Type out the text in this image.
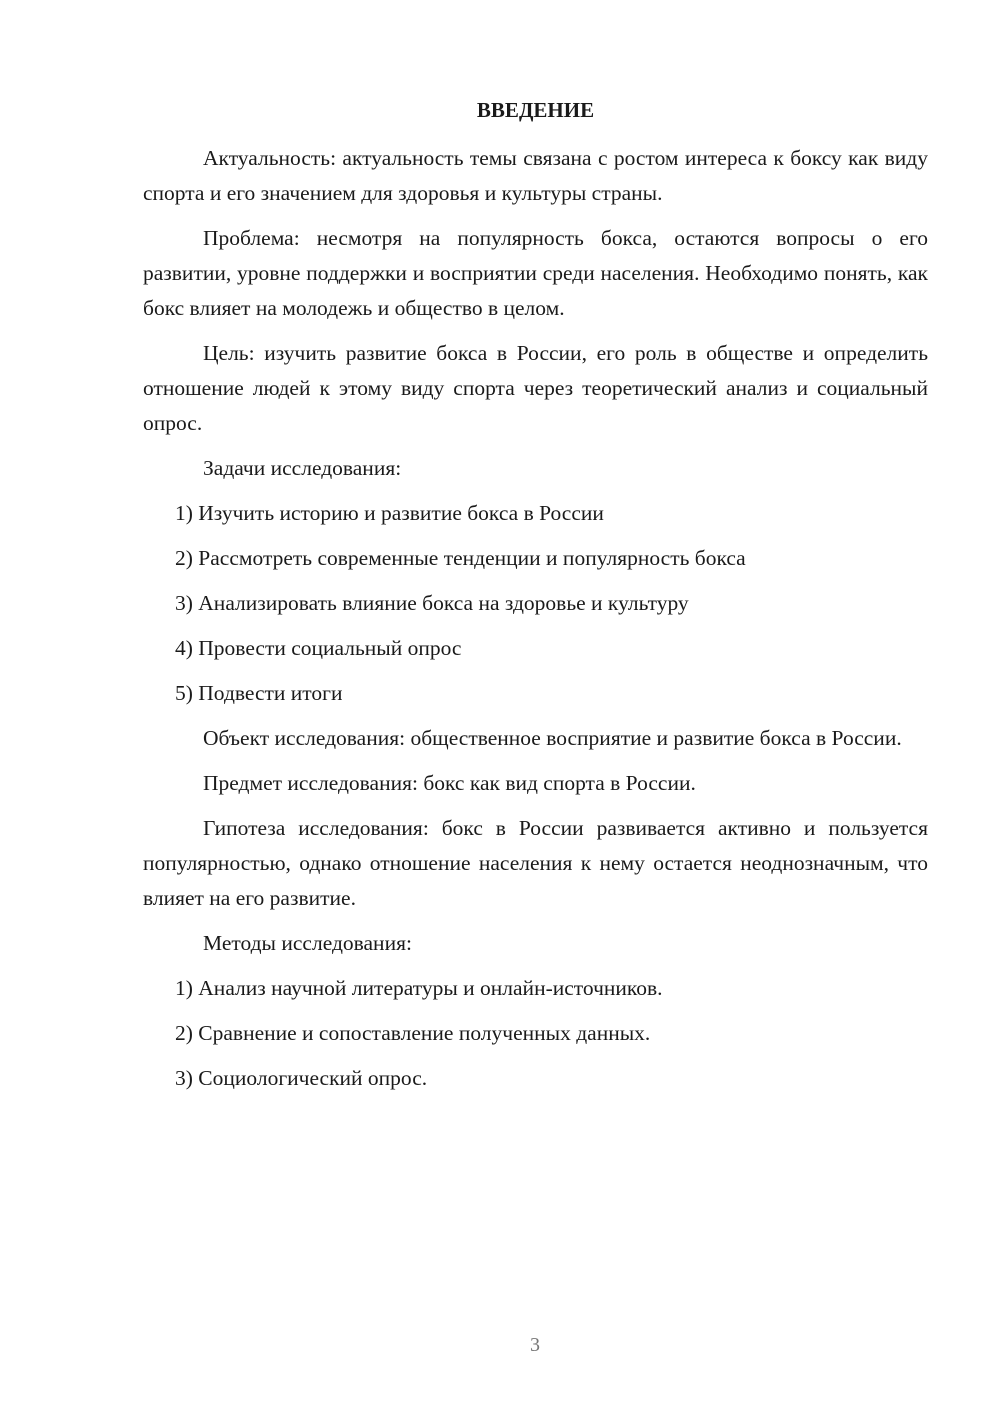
ВВЕДЕНИЕ
Актуальность: актуальность темы связана с ростом интереса к боксу как виду спорта и его значением для здоровья и культуры страны.
Проблема: несмотря на популярность бокса, остаются вопросы о его развитии, уровне поддержки и восприятии среди населения. Необходимо понять, как бокс влияет на молодежь и общество в целом.
Цель: изучить развитие бокса в России, его роль в обществе и определить отношение людей к этому виду спорта через теоретический анализ и социальный опрос.
Задачи исследования:
1) Изучить историю и развитие бокса в России
2) Рассмотреть современные тенденции и популярность бокса
3) Анализировать влияние бокса на здоровье и культуру
4) Провести социальный опрос
5) Подвести итоги
Объект исследования: общественное восприятие и развитие бокса в России.
Предмет исследования: бокс как вид спорта в России.
Гипотеза исследования: бокс в России развивается активно и пользуется популярностью, однако отношение населения к нему остается неоднозначным, что влияет на его развитие.
Методы исследования:
1) Анализ научной литературы и онлайн-источников.
2) Сравнение и сопоставление полученных данных.
3) Социологический опрос.
3
